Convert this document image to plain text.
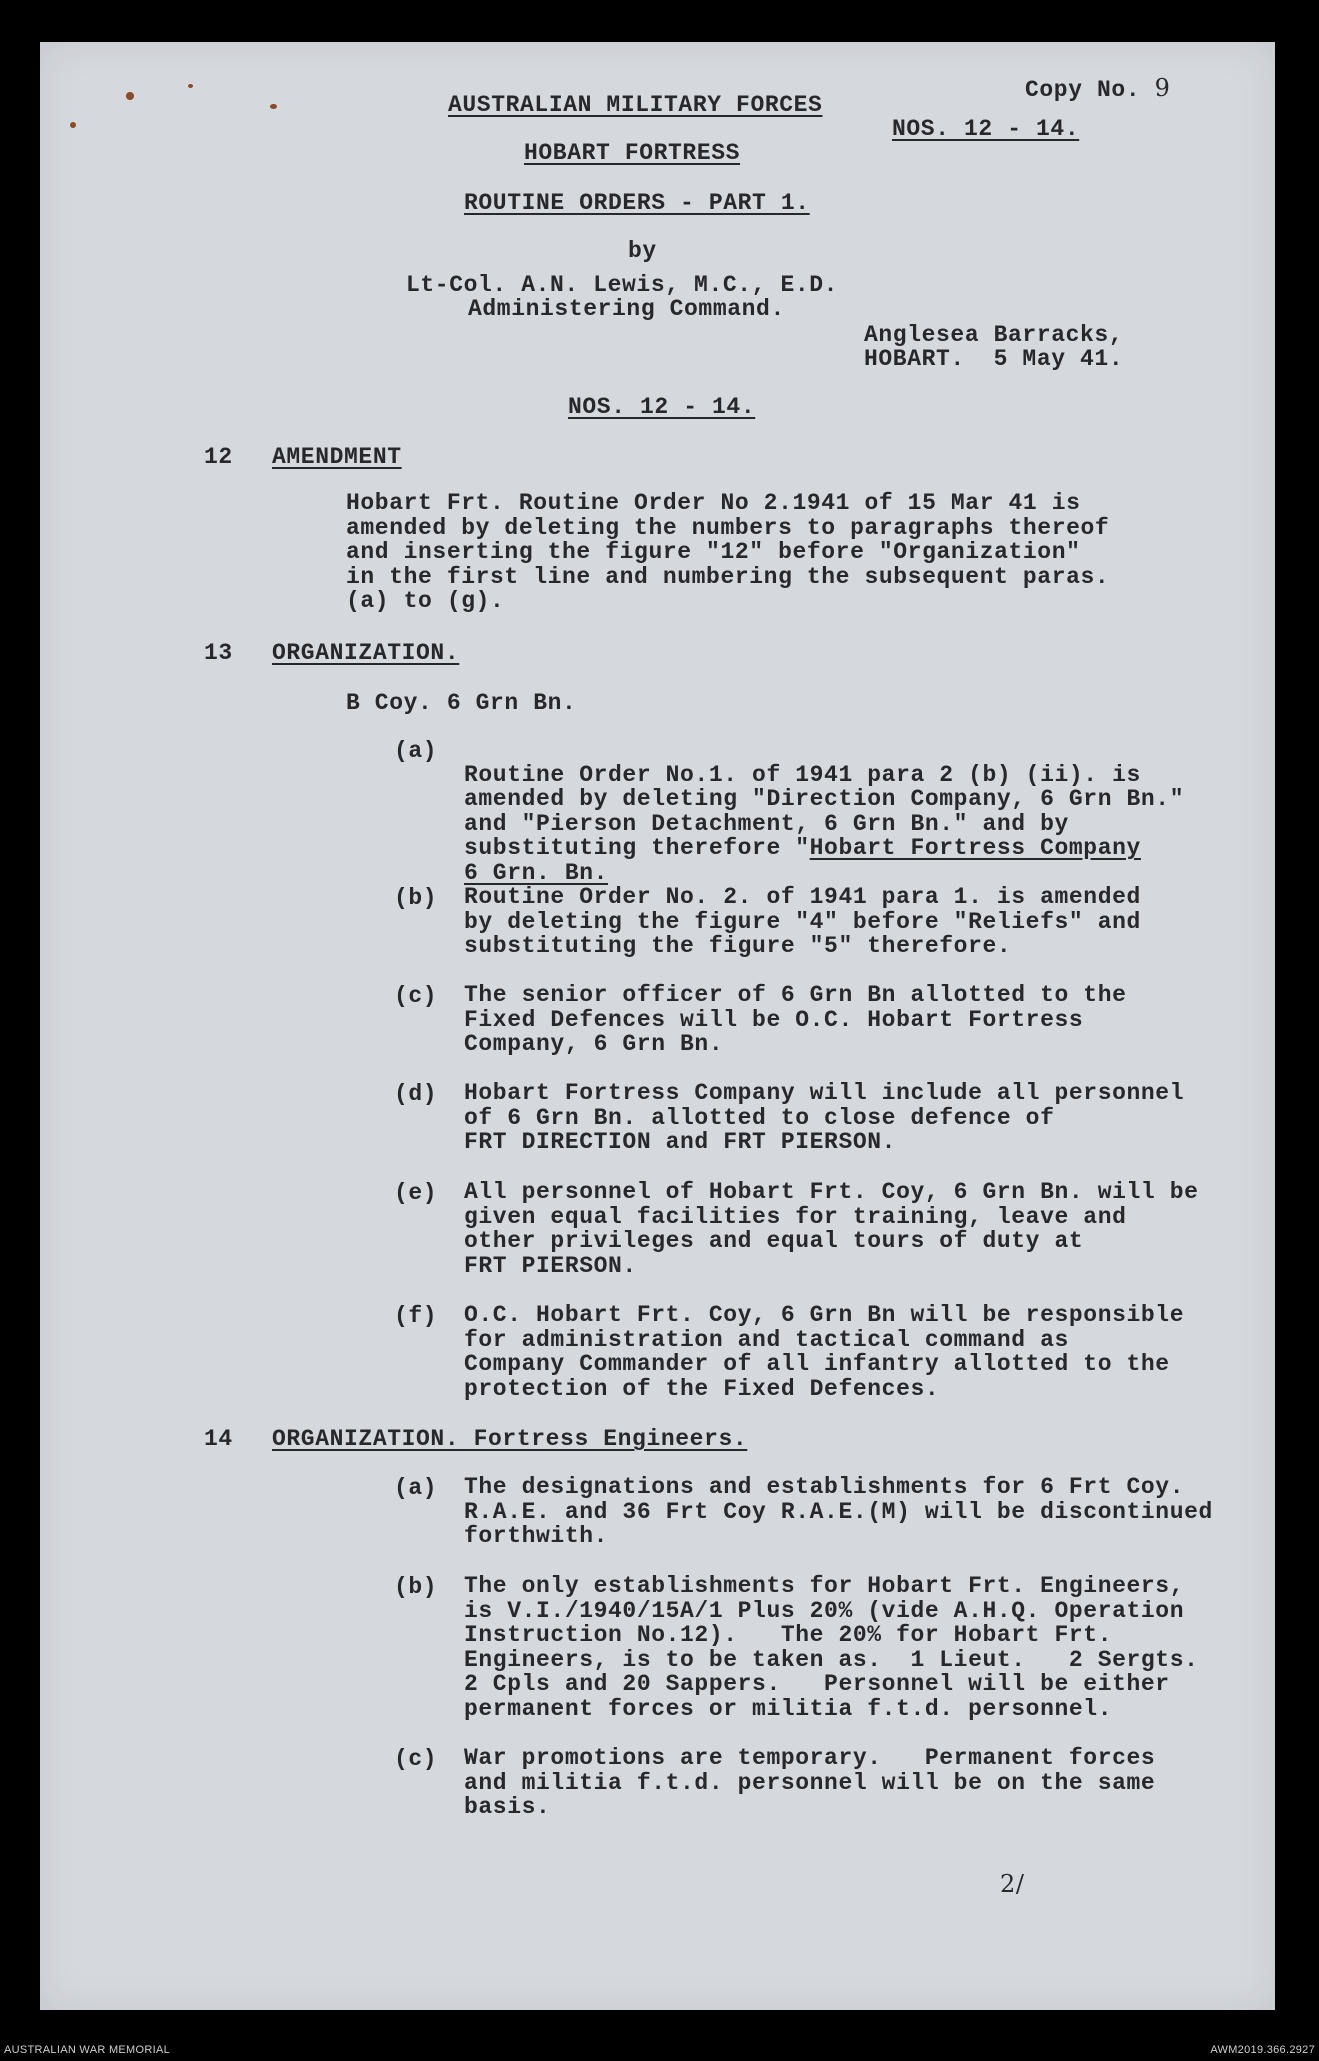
Copy No. 9
AUSTRALIAN MILITARY FORCES
NOS. 12 - 14.
HOBART FORTRESS
ROUTINE ORDERS - PART 1.
by
Lt-Col. A.N. Lewis, M.C., E.D.
Administering Command.
Anglesea Barracks,
HOBART.  5 May 41.
NOS. 12 - 14.
12 AMENDMENT
Hobart Frt. Routine Order No 2.1941 of 15 Mar 41 is
amended by deleting the numbers to paragraphs thereof
and inserting the figure "12" before "Organization"
in the first line and numbering the subsequent paras.
(a) to (g).
13 ORGANIZATION.
B Coy. 6 Grn Bn.
(a)

Routine Order No.1. of 1941 para 2 (b) (ii). is
amended by deleting "Direction Company, 6 Grn Bn."
and "Pierson Detachment, 6 Grn Bn." and by
substituting therefore "Hobart Fortress Company
6 Grn. Bn.

(b) Routine Order No. 2. of 1941 para 1. is amended
by deleting the figure "4" before "Reliefs" and
substituting the figure "5" therefore.
(c) The senior officer of 6 Grn Bn allotted to the
Fixed Defences will be O.C. Hobart Fortress
Company, 6 Grn Bn.
(d) Hobart Fortress Company will include all personnel
of 6 Grn Bn. allotted to close defence of
FRT DIRECTION and FRT PIERSON.
(e) All personnel of Hobart Frt. Coy, 6 Grn Bn. will be
given equal facilities for training, leave and
other privileges and equal tours of duty at
FRT PIERSON.
(f) O.C. Hobart Frt. Coy, 6 Grn Bn will be responsible
for administration and tactical command as
Company Commander of all infantry allotted to the
protection of the Fixed Defences.
14 ORGANIZATION. Fortress Engineers.
(a) The designations and establishments for 6 Frt Coy.
R.A.E. and 36 Frt Coy R.A.E.(M) will be discontinued
forthwith.
(b) The only establishments for Hobart Frt. Engineers,
is V.I./1940/15A/1 Plus 20% (vide A.H.Q. Operation
Instruction No.12).   The 20% for Hobart Frt.
Engineers, is to be taken as.  1 Lieut.   2 Sergts.
2 Cpls and 20 Sappers.   Personnel will be either
permanent forces or militia f.t.d. personnel.
(c) War promotions are temporary.   Permanent forces
and militia f.t.d. personnel will be on the same
basis.
2/
AUSTRALIAN WAR MEMORIAL	AWM2019.366.2927
